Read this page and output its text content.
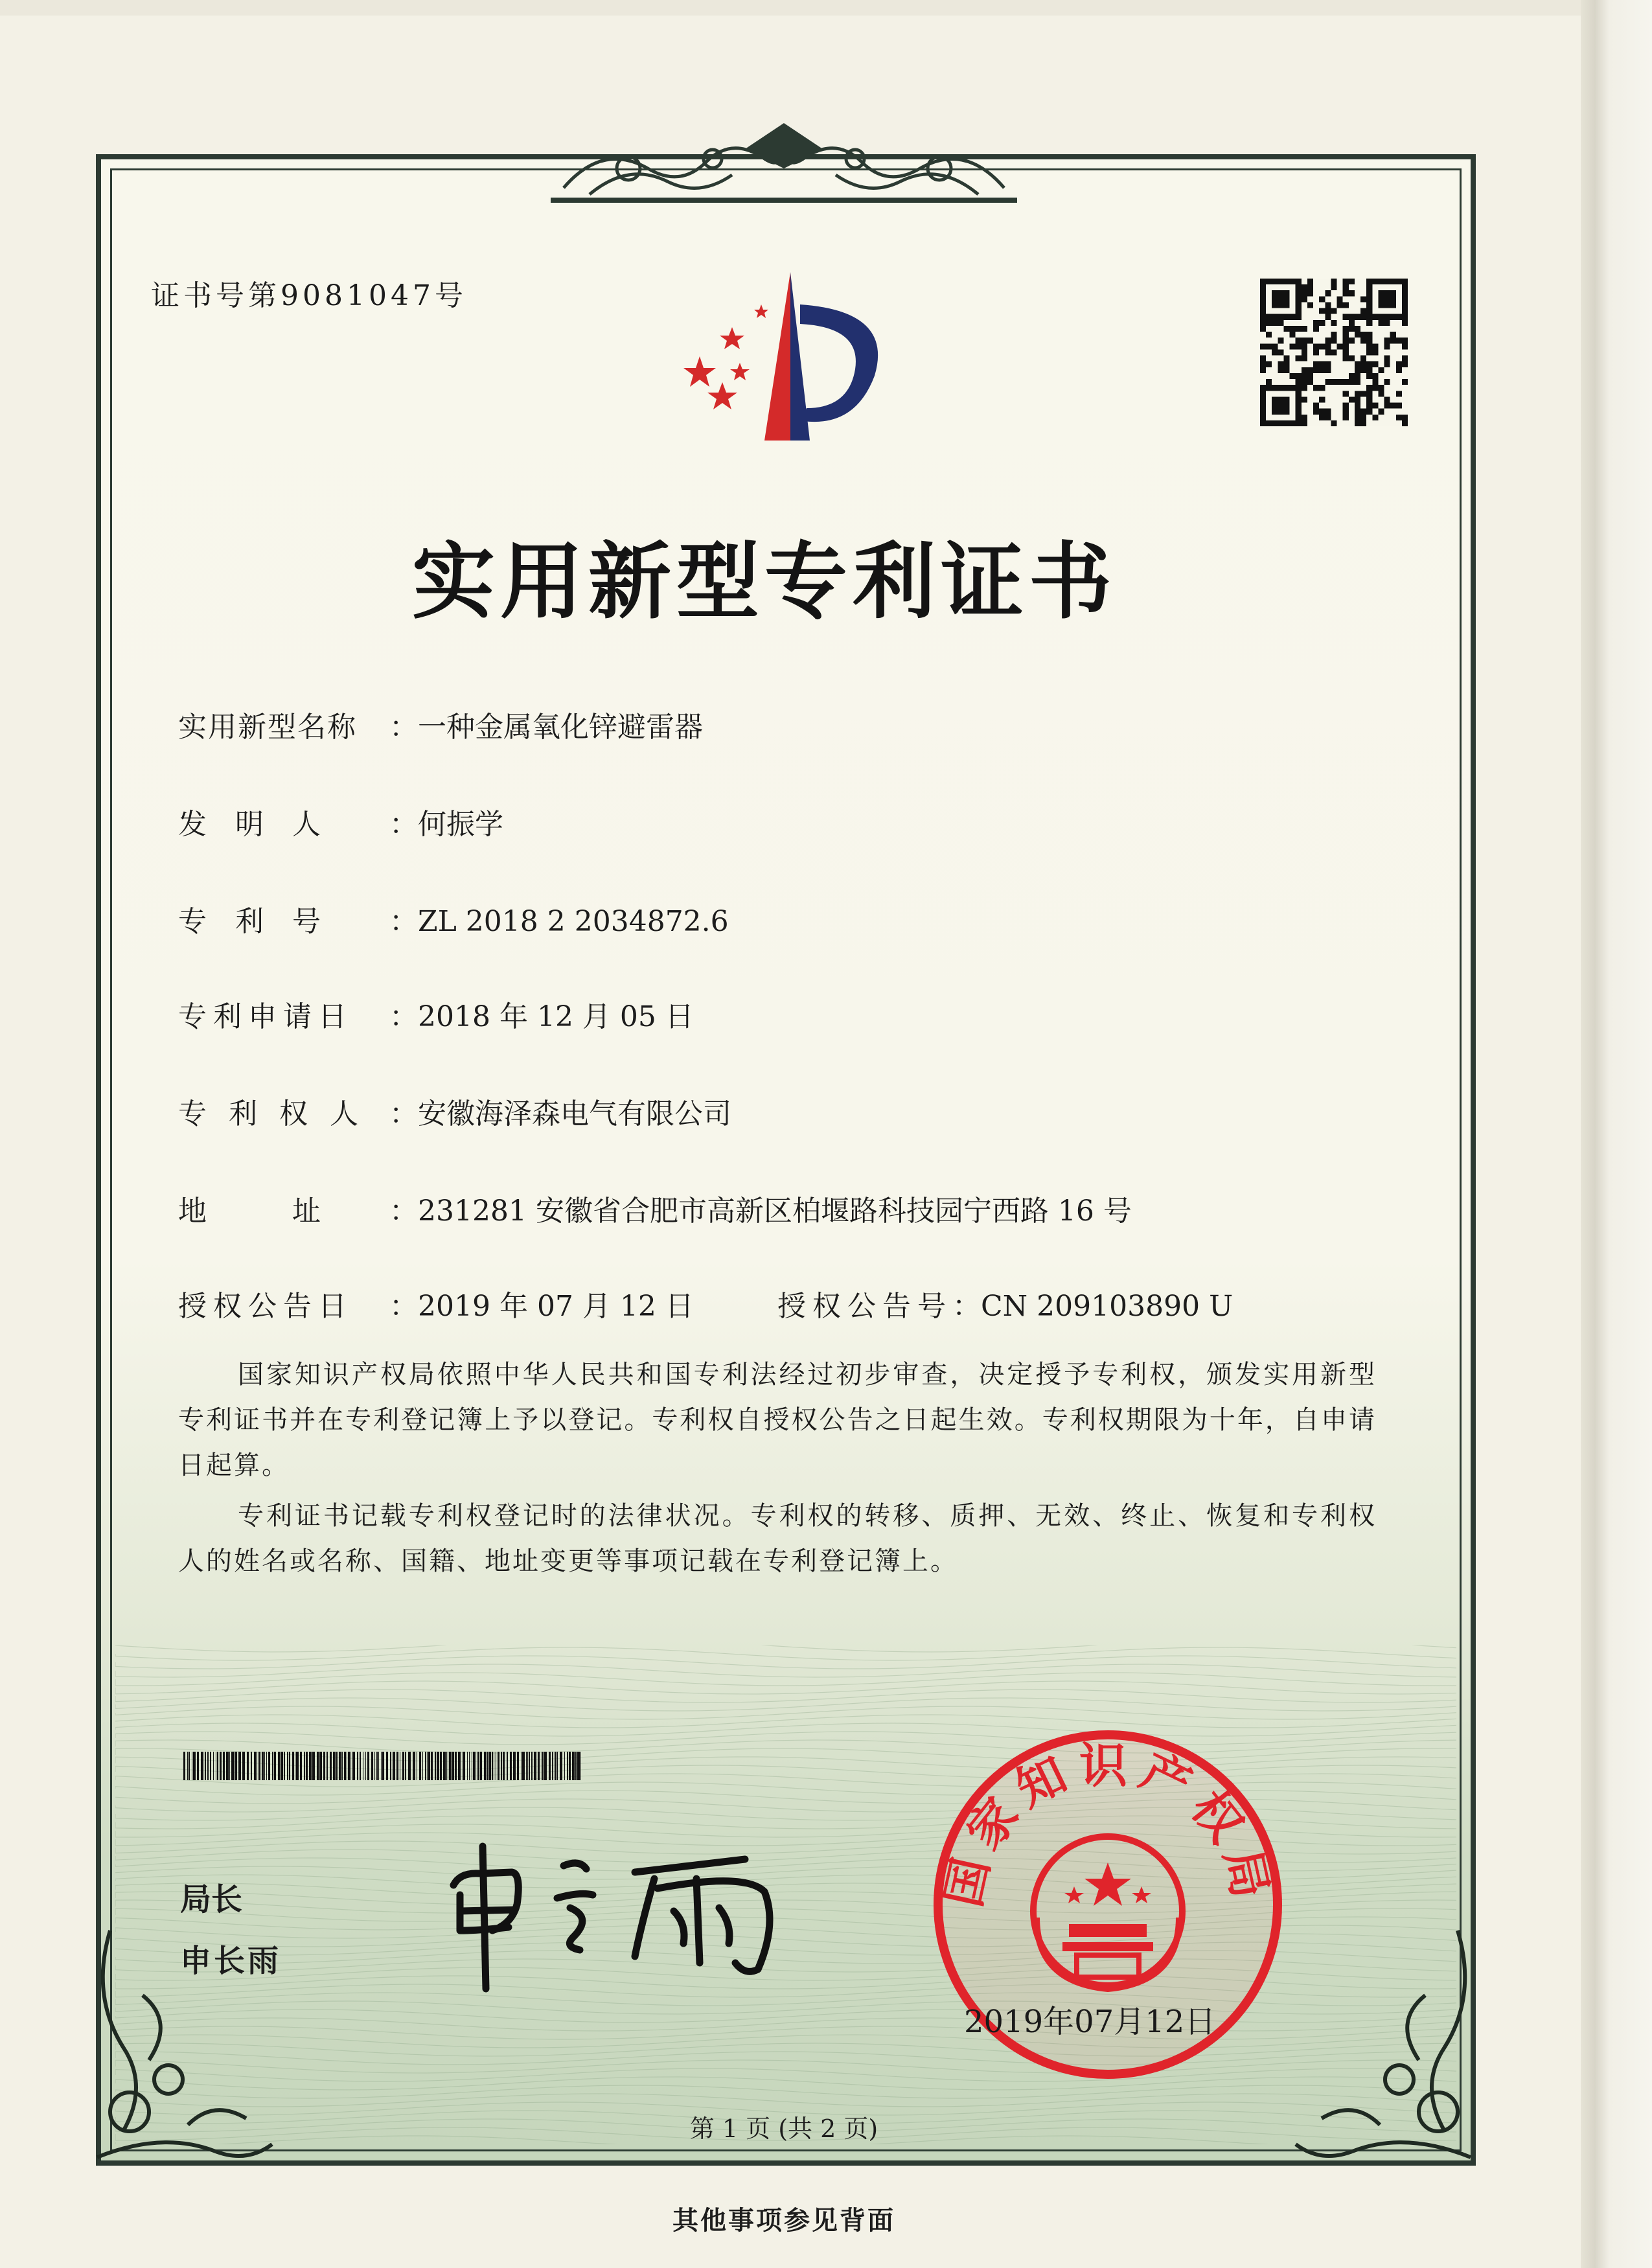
证书号第9081047号
实用新型专利证书
实用新型名称 ：一种金属氧化锌避雷器
发　明　人 ：何振学
专　利　号 ：ZL 2018 2 2034872.6
专利申请日 ：2018 年 12 月 05 日
专 利 权 人 ：安徽海泽森电气有限公司
地　　　址 ：231281 安徽省合肥市高新区柏堰路科技园宁西路 16 号
授权公告日 ：2019 年 07 月 12 日	授权公告号：CN 209103890 U

国家知识产权局依照中华人民共和国专利法经过初步审查，决定授予专利权，颁发实用新型专利证书并在专利登记簿上予以登记。专利权自授权公告之日起生效。专利权期限为十年，自申请日起算。

专利证书记载专利权登记时的法律状况。专利权的转移、质押、无效、终止、恢复和专利权人的姓名或名称、国籍、地址变更等事项记载在专利登记簿上。

局长
申长雨
国家知识产权局
2019年07月12日
第 1 页 (共 2 页)
其他事项参见背面
